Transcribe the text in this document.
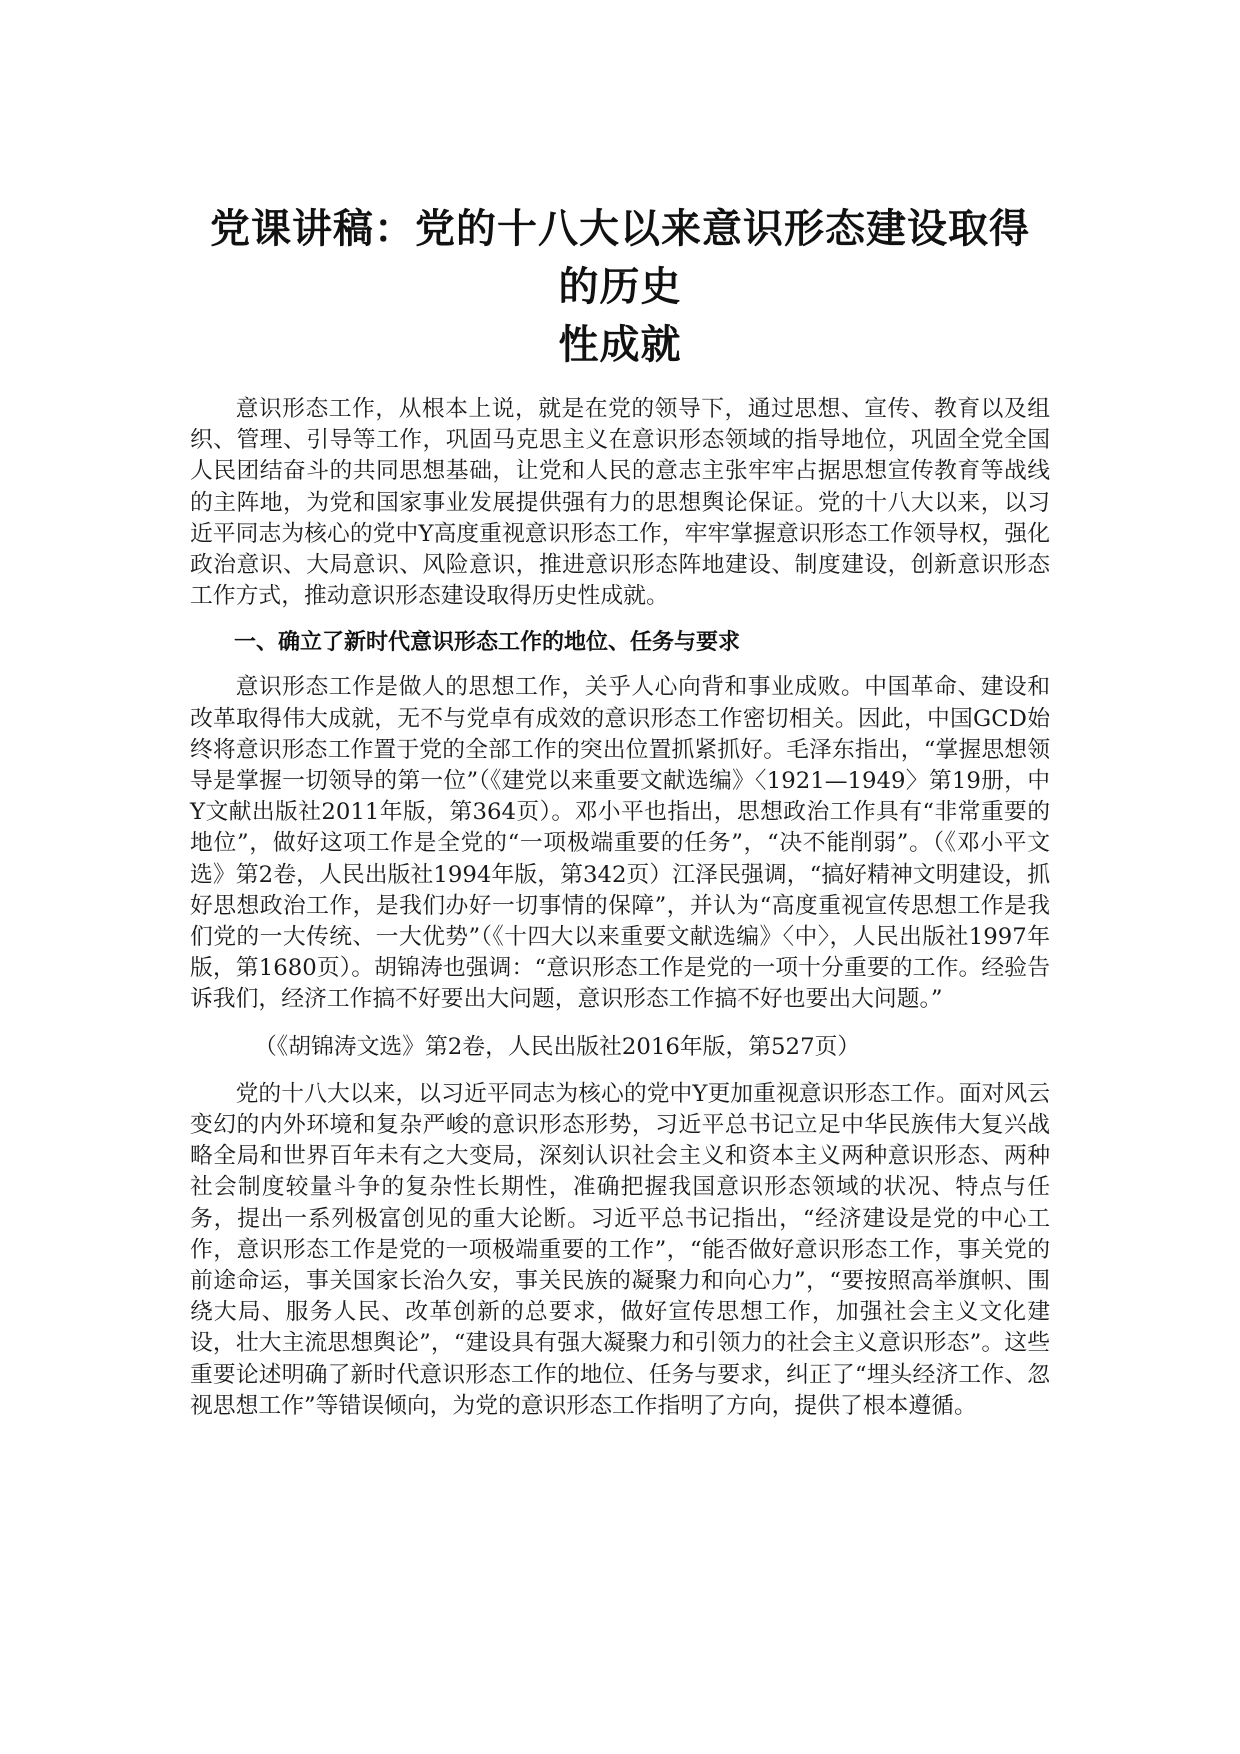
党课讲稿：党的十八大以来意识形态建设取得的历史
性成就

意识形态工作，从根本上说，就是在党的领导下，通过思想、宣传、教育以及组织、管理、引导等工作，巩固马克思主义在意识形态领域的指导地位，巩固全党全国人民团结奋斗的共同思想基础，让党和人民的意志主张牢牢占据思想宣传教育等战线的主阵地，为党和国家事业发展提供强有力的思想舆论保证。党的十八大以来，以习近平同志为核心的党中Y高度重视意识形态工作，牢牢掌握意识形态工作领导权，强化政治意识、大局意识、风险意识，推进意识形态阵地建设、制度建设，创新意识形态工作方式，推动意识形态建设取得历史性成就。

一、确立了新时代意识形态工作的地位、任务与要求

意识形态工作是做人的思想工作，关乎人心向背和事业成败。中国革命、建设和改革取得伟大成就，无不与党卓有成效的意识形态工作密切相关。因此，中国GCD始终将意识形态工作置于党的全部工作的突出位置抓紧抓好。毛泽东指出，“掌握思想领导是掌握一切领导的第一位”（《建党以来重要文献选编》〈1921—1949〉第19册，中Y文献出版社2011年版，第364页）。邓小平也指出，思想政治工作具有“非常重要的地位”，做好这项工作是全党的“一项极端重要的任务”，“决不能削弱”。（《邓小平文选》第2卷，人民出版社1994年版，第342页）江泽民强调，“搞好精神文明建设，抓好思想政治工作，是我们办好一切事情的保障”，并认为“高度重视宣传思想工作是我们党的一大传统、一大优势”（《十四大以来重要文献选编》〈中〉，人民出版社1997年版，第1680页）。胡锦涛也强调：“意识形态工作是党的一项十分重要的工作。经验告诉我们，经济工作搞不好要出大问题，意识形态工作搞不好也要出大问题。”

（《胡锦涛文选》第2卷，人民出版社2016年版，第527页）

党的十八大以来，以习近平同志为核心的党中Y更加重视意识形态工作。面对风云变幻的内外环境和复杂严峻的意识形态形势，习近平总书记立足中华民族伟大复兴战略全局和世界百年未有之大变局，深刻认识社会主义和资本主义两种意识形态、两种社会制度较量斗争的复杂性长期性，准确把握我国意识形态领域的状况、特点与任务，提出一系列极富创见的重大论断。习近平总书记指出，“经济建设是党的中心工作，意识形态工作是党的一项极端重要的工作”，“能否做好意识形态工作，事关党的前途命运，事关国家长治久安，事关民族的凝聚力和向心力”，“要按照高举旗帜、围绕大局、服务人民、改革创新的总要求，做好宣传思想工作，加强社会主义文化建设，壮大主流思想舆论”，“建设具有强大凝聚力和引领力的社会主义意识形态”。这些重要论述明确了新时代意识形态工作的地位、任务与要求，纠正了“埋头经济工作、忽视思想工作”等错误倾向，为党的意识形态工作指明了方向，提供了根本遵循。
